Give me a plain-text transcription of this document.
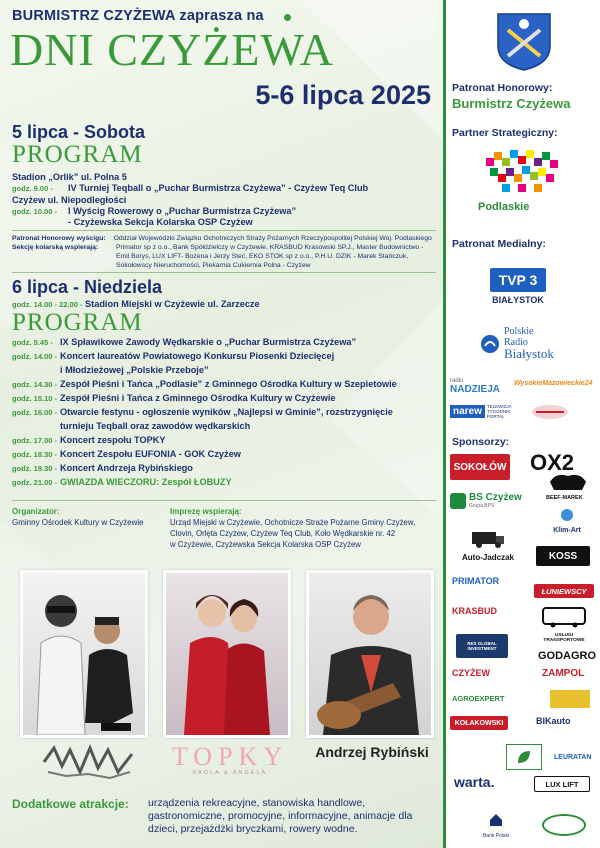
BURMISTRZ CZYŻEWA zaprasza na
DNI CZYŻEWA
5-6 lipca 2025
5 lipca - Sobota
PROGRAM
Stadion „Orlik” ul. Polna 5
godz. 9.00 - IV Turniej Teqball o „Puchar Burmistrza Czyżewa” - Czyżew Teq Club
Czyżew ul. Niepodległości
godz. 10.00 - I Wyścig Rowerowy o „Puchar Burmistrza Czyżewa”
- Czyżewska Sekcja Kolarska OSP Czyżew
Patronat Honorowy wyścigu: Oddział Wojewódzki Związku Ochotniczych Straży Pożarnych Rzeczypospolitej Polskiej Woj. Podlaskiego
Sekcję kolarską wspierają:	Primator sp z o.o., Bank Spółdzielczy w Czyżewie, KRASBUD Krasowski SP.J., Master Budownictwo -
Emil Borys, LUX LIFT- Bożena i Jerzy Steć, EKO STOK sp z o.o., P.H.U. DZIK - Marek Stańczuk,
Sokołowscy Nieruchomości, Piekarnia Cukiernia Polna - Czyżew
6 lipca - Niedziela
godz. 14.00 - 22.00 - Stadion Miejski w Czyżewie ul. Zarzecze
PROGRAM
godz. 5.45 - IX Spławikowe Zawody Wędkarskie o „Puchar Burmistrza Czyżewa”
godz. 14.00 - Koncert laureatów Powiatowego Konkursu Piosenki Dziecięcej
i Młodzieżowej „Polskie Przeboje”
godz. 14.30 - Zespół Pieśni i Tańca „Podlasie” z Gminnego Ośrodka Kultury w Szepietowie
godz. 15.10 - Zespół Pieśni i Tańca z Gminnego Ośrodka Kultury w Czyżewie
godz. 16.00 - Otwarcie festynu - ogłoszenie wyników „Najlepsi w Gminie”, rozstrzygnięcie
turnieju Teqball oraz zawodów wędkarskich
godz. 17.00 - Koncert zespołu TOPKY
godz. 18.30 - Koncert Zespołu EUFONIA - GOK Czyżew
godz. 19.30 - Koncert Andrzeja Rybińskiego
godz. 21.00 - GWIAZDA WIECZORU: Zespół ŁOBUZY
Organizator:
Gminny Ośrodek Kultury w Czyżewie
Imprezę wspierają:
Urząd Miejski w Czyżewie, Ochotnicze Straże Pożarne Gminy Czyżew,
Clovin, Orlęta Czyżew, Czyżew Teq Club, Koło Wędkarskie nr. 42
w Czyżewie, Czyżewska Sekcja Kolarska OSP Czyżew
TOPKY
PAOLA & ANGELA
Andrzej Rybiński
Dodatkowe atrakcje: urządzenia rekreacyjne, stanowiska handlowe, gastronomiczne, promocyjne, informacyjne, animacje dla dzieci, przejażdżki bryczkami, rowery wodne.
Patronat Honorowy:
Burmistrz Czyżewa
Partner Strategiczny:
Podlaskie
Patronat Medialny:
TVP 3
BIAŁYSTOK
Polskie
Radio
Białystok
radio
NADZIEJA
WysokieMazowieckie24
narew	TELEWIZJA TYGODNIK PORTAL
Sponsorzy:
SOKOŁÓW OX2
BS Czyżew
Grupa BPS
BEEF-MAREK
Klim-Art
Auto-Jadczak	KOSS
PRIMATOR
ŁUNIEWSCY
KRASBUD
USŁUGI TRANSPORTOWE
RES GLOBAL INVESTMENT
GODAGRO
CZYŻEW	ZAMPOL
AGROEXPERT
KOŁAKOWSKI	BIKauto
LEURATAN
warta.	LUX LIFT
Bank Polski
